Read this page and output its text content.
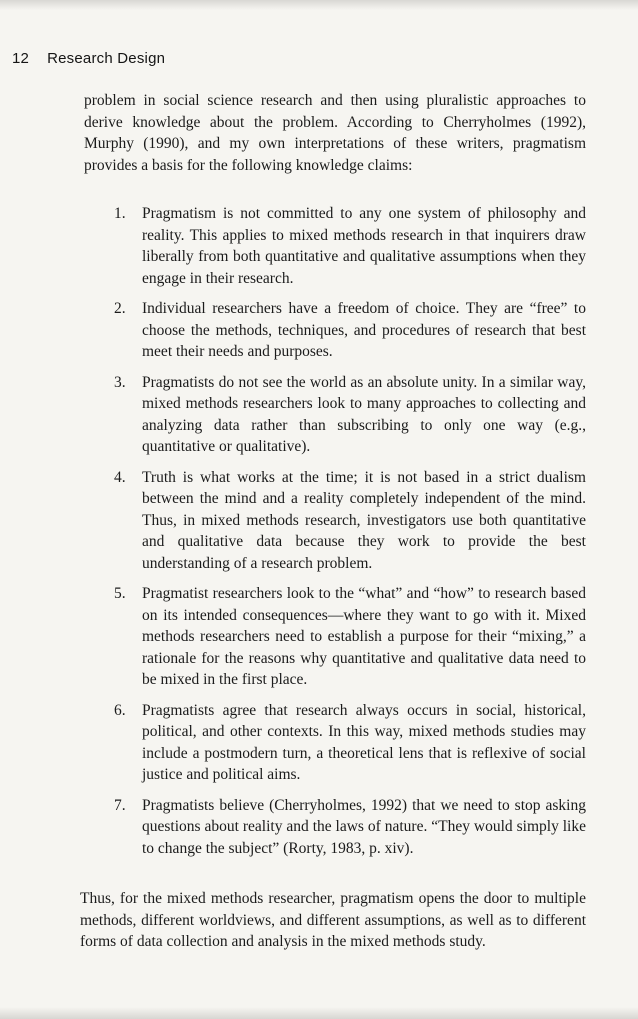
12 Research Design

problem in social science research and then using pluralistic approaches to derive knowledge about the problem. According to Cherryholmes (1992), Murphy (1990), and my own interpretations of these writers, pragmatism provides a basis for the following knowledge claims:

1.	Pragmatism is not committed to any one system of philosophy and reality. This applies to mixed methods research in that inquirers draw liberally from both quantitative and qualitative assumptions when they engage in their research.
2.	Individual researchers have a freedom of choice. They are “free” to choose the methods, techniques, and procedures of research that best meet their needs and purposes.
3.	Pragmatists do not see the world as an absolute unity. In a similar way, mixed methods researchers look to many approaches to collecting and analyzing data rather than subscribing to only one way (e.g., quantitative or qualitative).
4.	Truth is what works at the time; it is not based in a strict dualism between the mind and a reality completely independent of the mind. Thus, in mixed methods research, investigators use both quantitative and qualitative data because they work to provide the best understanding of a research problem.
5.	Pragmatist researchers look to the “what” and “how” to research based on its intended consequences—where they want to go with it. Mixed methods researchers need to establish a purpose for their “mixing,” a rationale for the reasons why quantitative and qualitative data need to be mixed in the first place.
6.	Pragmatists agree that research always occurs in social, historical, political, and other contexts. In this way, mixed methods studies may include a postmodern turn, a theoretical lens that is reflexive of social justice and political aims.
7.	Pragmatists believe (Cherryholmes, 1992) that we need to stop asking questions about reality and the laws of nature. “They would simply like to change the subject” (Rorty, 1983, p. xiv).

Thus, for the mixed methods researcher, pragmatism opens the door to multiple methods, different worldviews, and different assumptions, as well as to different forms of data collection and analysis in the mixed methods study.
